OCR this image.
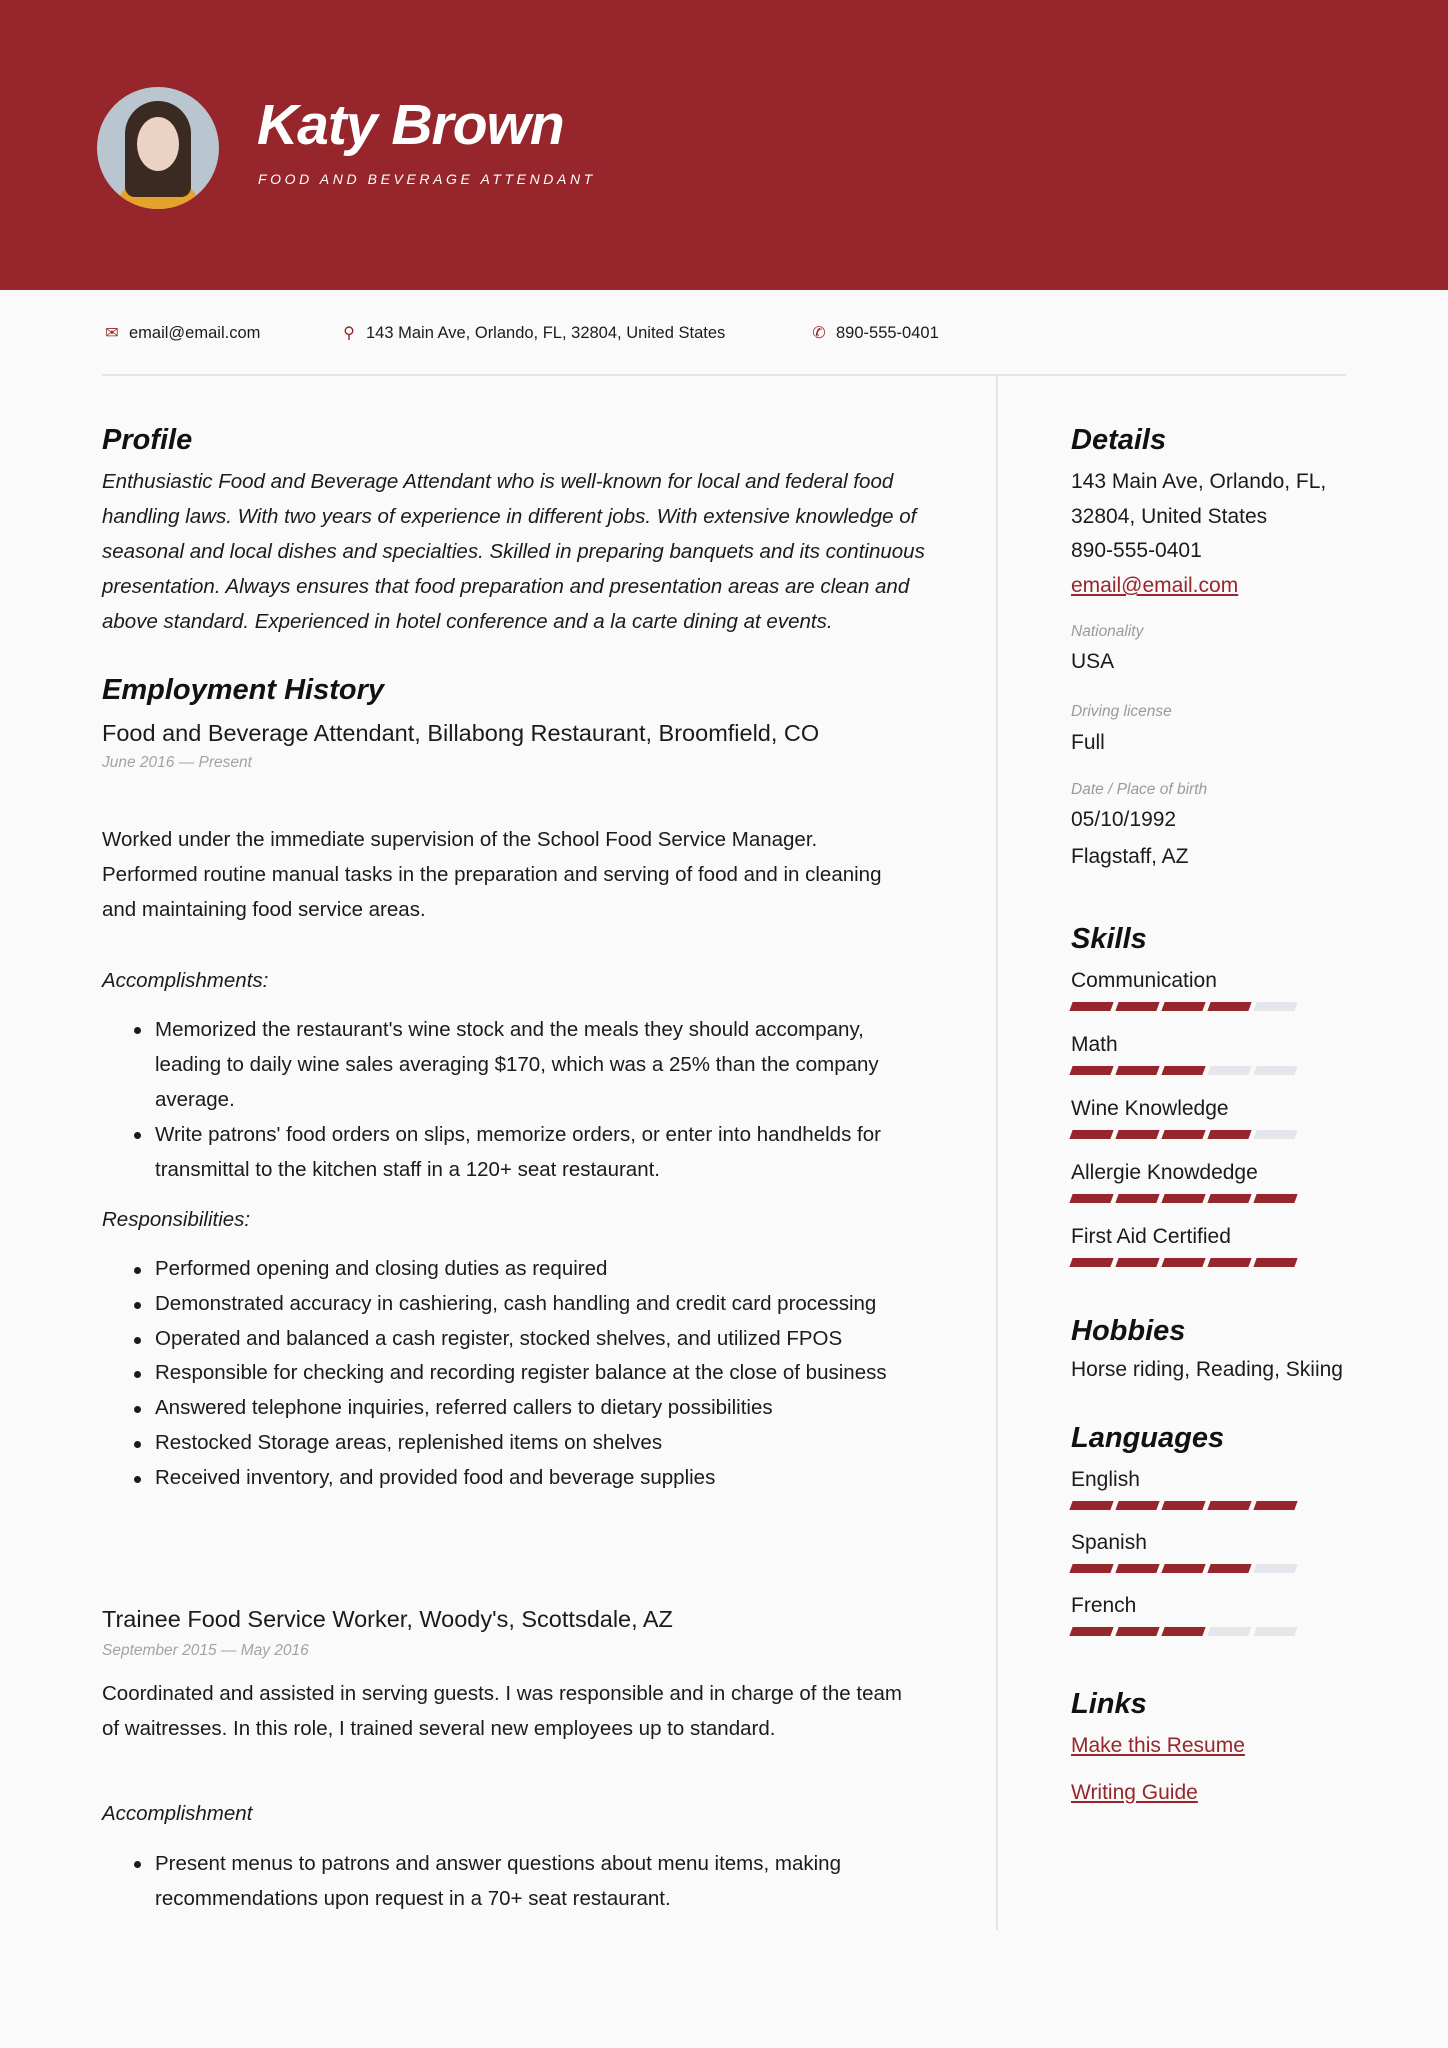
Katy Brown
FOOD AND BEVERAGE ATTENDANT
✉ email@email.com	⚲ 143 Main Ave, Orlando, FL, 32804, United States	✆ 890-555-0401
Profile
Enthusiastic Food and Beverage Attendant who is well-known for local and federal food
handling laws. With two years of experience in different jobs. With extensive knowledge of
seasonal and local dishes and specialties. Skilled in preparing banquets and its continuous
presentation. Always ensures that food preparation and presentation areas are clean and
above standard. Experienced in hotel conference and a la carte dining at events.
Employment History
Food and Beverage Attendant, Billabong Restaurant, Broomfield, CO
June 2016 — Present
Worked under the immediate supervision of the School Food Service Manager.
Performed routine manual tasks in the preparation and serving of food and in cleaning
and maintaining food service areas.
Accomplishments:
Memorized the restaurant's wine stock and the meals they should accompany,
leading to daily wine sales averaging $170, which was a 25% than the company
average.
Write patrons' food orders on slips, memorize orders, or enter into handhelds for
transmittal to the kitchen staff in a 120+ seat restaurant.
Responsibilities:
Performed opening and closing duties as required
Demonstrated accuracy in cashiering, cash handling and credit card processing
Operated and balanced a cash register, stocked shelves, and utilized FPOS
Responsible for checking and recording register balance at the close of business
Answered telephone inquiries, referred callers to dietary possibilities
Restocked Storage areas, replenished items on shelves
Received inventory, and provided food and beverage supplies
Trainee Food Service Worker, Woody's, Scottsdale, AZ
September 2015 — May 2016
Coordinated and assisted in serving guests. I was responsible and in charge of the team
of waitresses. In this role, I trained several new employees up to standard.
Accomplishment
Present menus to patrons and answer questions about menu items, making
recommendations upon request in a 70+ seat restaurant.
Details
143 Main Ave, Orlando, FL,
32804, United States
890-555-0401
email@email.com
Nationality
USA
Driving license
Full
Date / Place of birth
05/10/1992
Flagstaff, AZ
Skills
Communication
Math
Wine Knowledge
Allergie Knowdedge
First Aid Certified
Hobbies
Horse riding, Reading, Skiing
Languages
English
Spanish
French
Links
Make this Resume
Writing Guide
